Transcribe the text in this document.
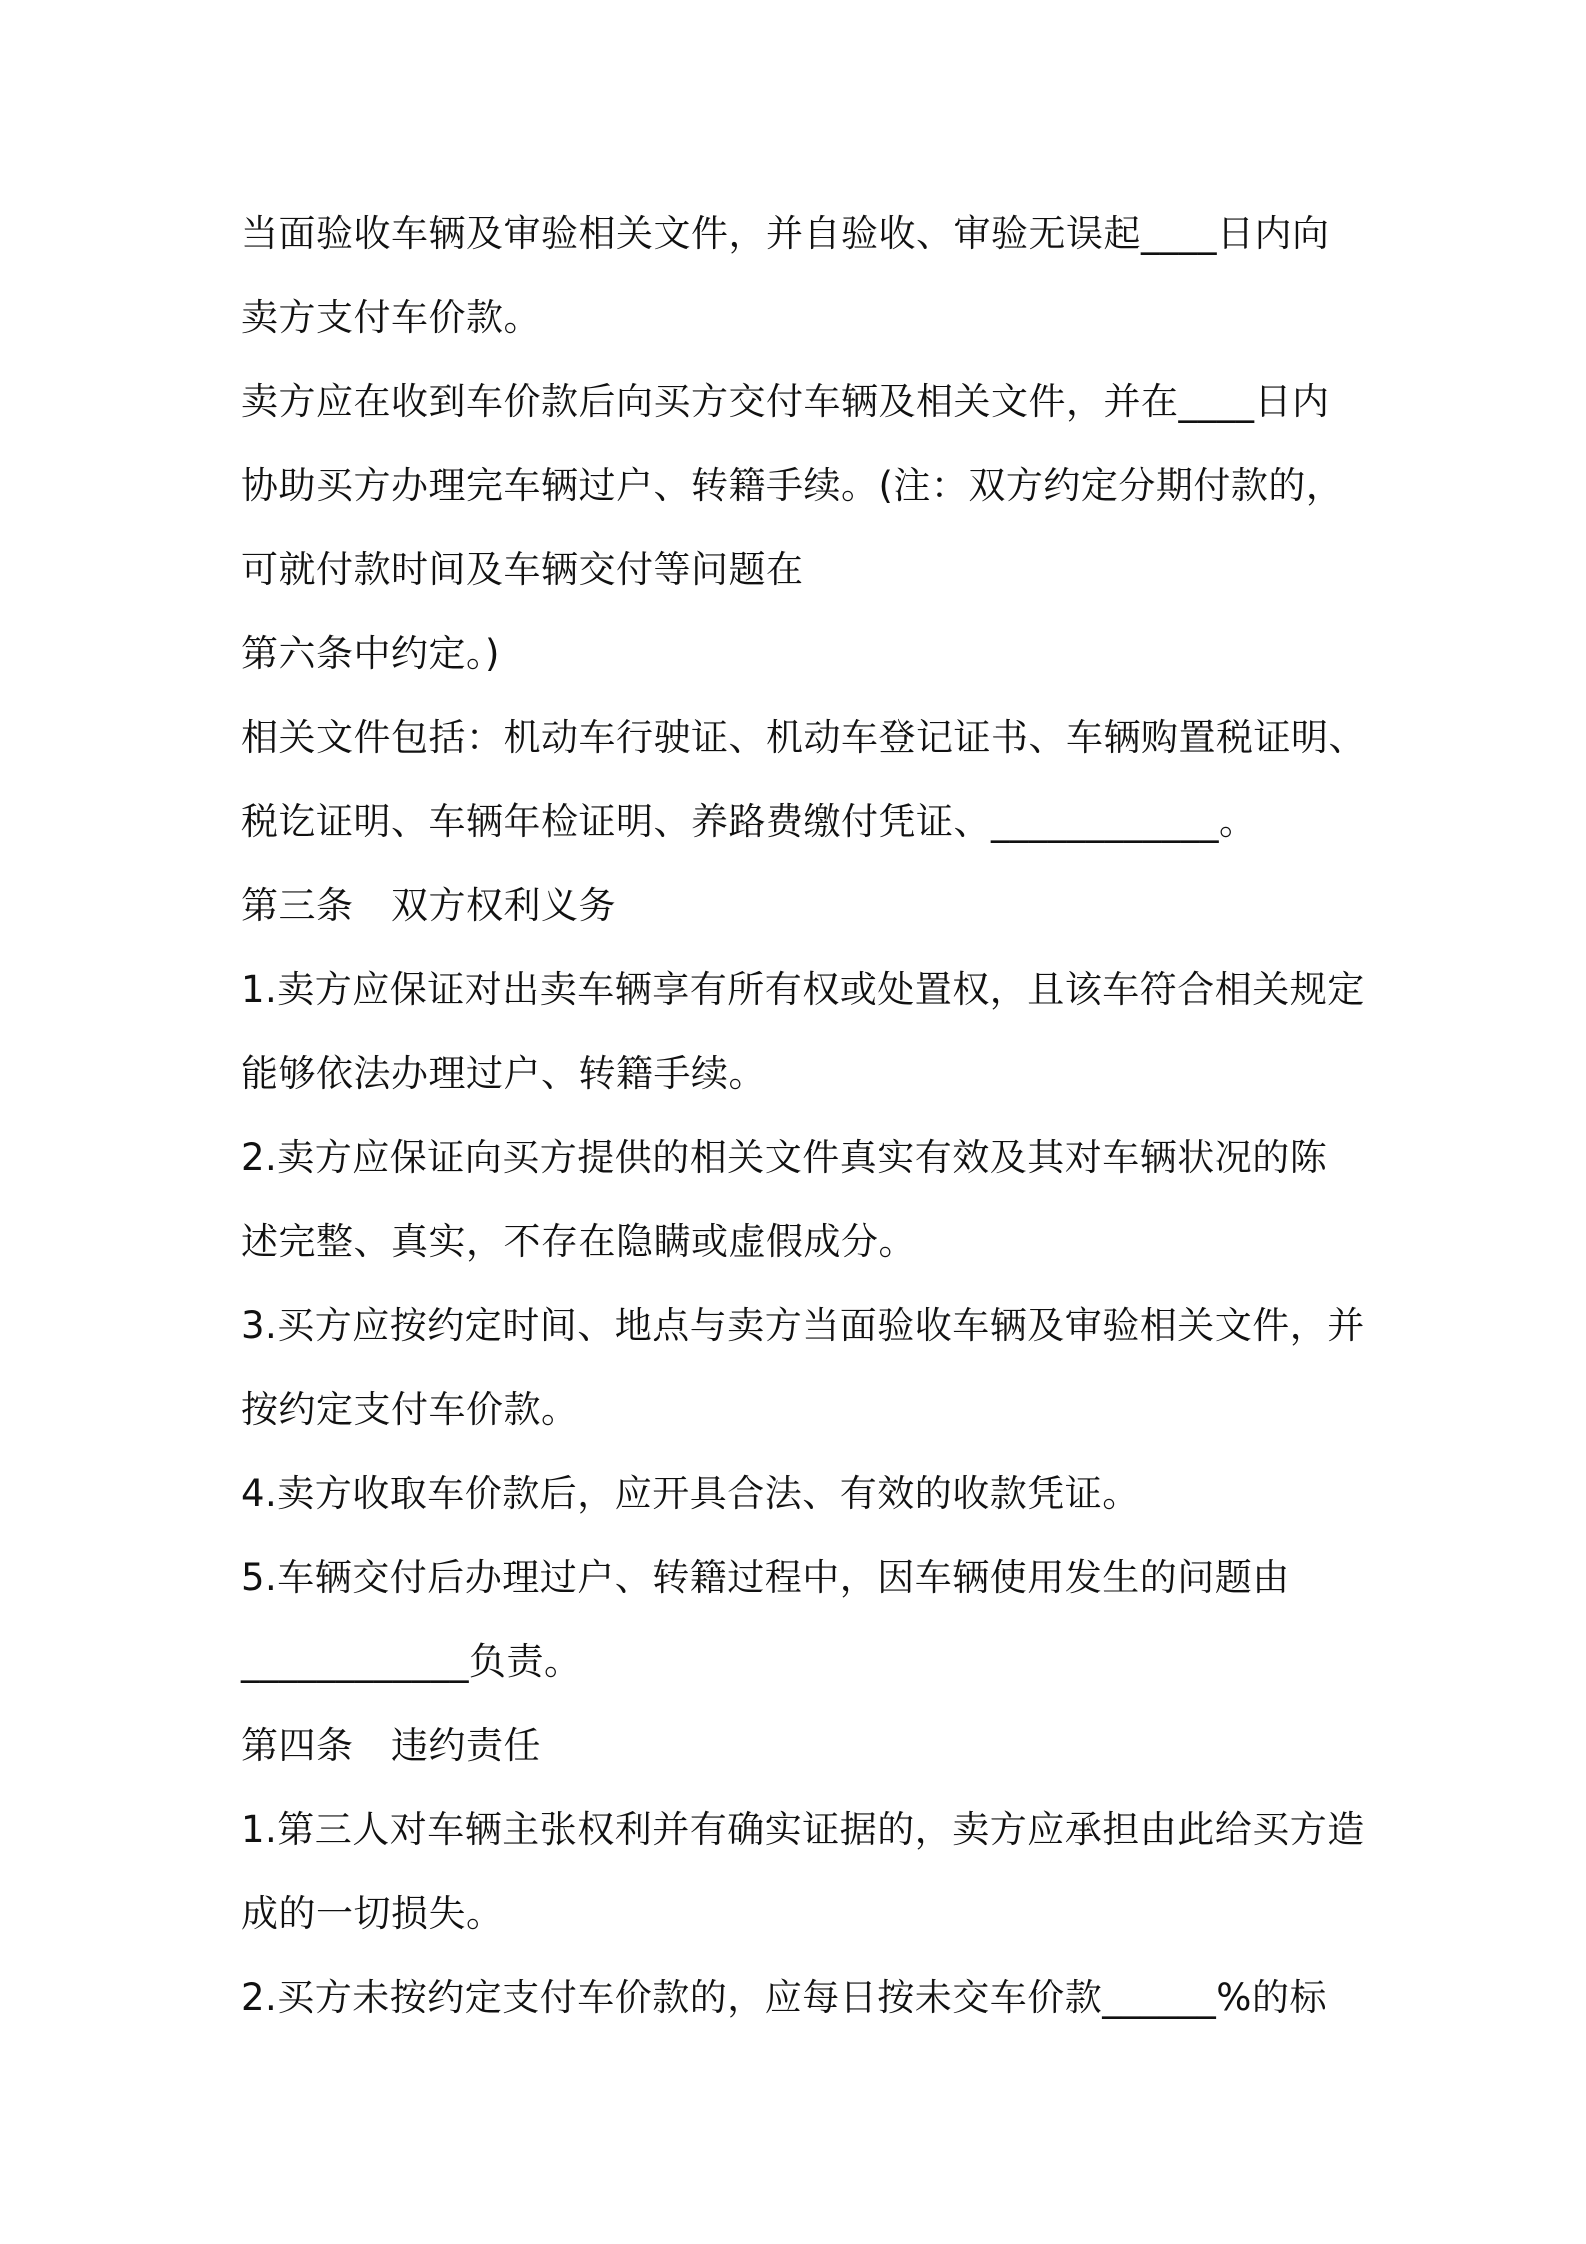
当面验收车辆及审验相关文件，并自验收、审验无误起____日内向
卖方支付车价款。
卖方应在收到车价款后向买方交付车辆及相关文件，并在____日内
协助买方办理完车辆过户、转籍手续。(注：双方约定分期付款的，
可就付款时间及车辆交付等问题在
第六条中约定。)
相关文件包括：机动车行驶证、机动车登记证书、车辆购置税证明、
税讫证明、车辆年检证明、养路费缴付凭证、____________。
第三条　双方权利义务
1.卖方应保证对出卖车辆享有所有权或处置权，且该车符合相关规定
能够依法办理过户、转籍手续。
2.卖方应保证向买方提供的相关文件真实有效及其对车辆状况的陈
述完整、真实，不存在隐瞒或虚假成分。
3.买方应按约定时间、地点与卖方当面验收车辆及审验相关文件，并
按约定支付车价款。
4.卖方收取车价款后，应开具合法、有效的收款凭证。
5.车辆交付后办理过户、转籍过程中，因车辆使用发生的问题由
____________负责。
第四条　违约责任
1.第三人对车辆主张权利并有确实证据的，卖方应承担由此给买方造
成的一切损失。
2.买方未按约定支付车价款的，应每日按未交车价款______%的标
